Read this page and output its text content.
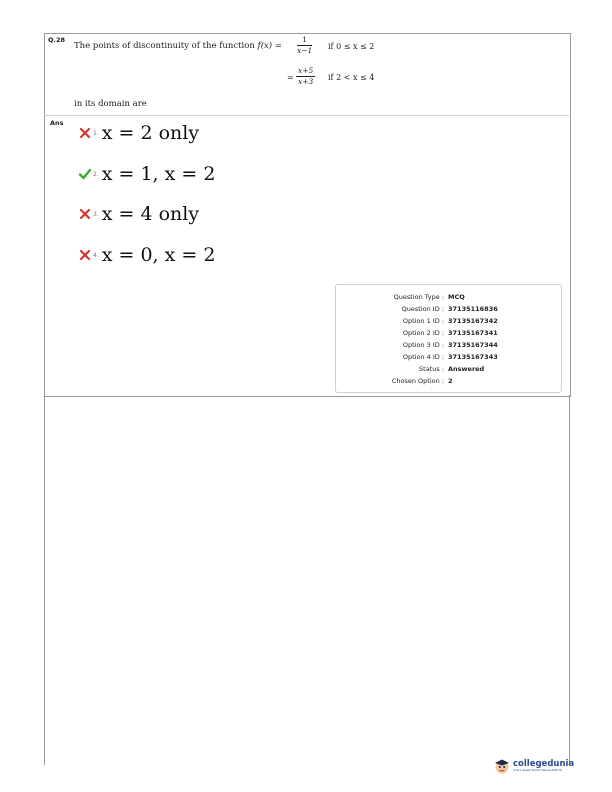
Q.28
The points of discontinuity of the function $f(x) = \frac{1}{x-1}$ if 0 ≤ x ≤ 2
= $\frac{x+5}{x+3}$ if 2 < x ≤ 4
in its domain are
Ans
1. x = 2 only
2. x = 1, x = 2
3. x = 4 only
4. x = 0, x = 2
Question Type : MCQ
Question ID : 37135116836
Option 1 ID : 37135167342
Option 2 ID : 37135167341
Option 3 ID : 37135167344
Option 4 ID : 37135167343
Status : Answered
Chosen Option : 2
collegedunia
India's largest Student Review Platform
